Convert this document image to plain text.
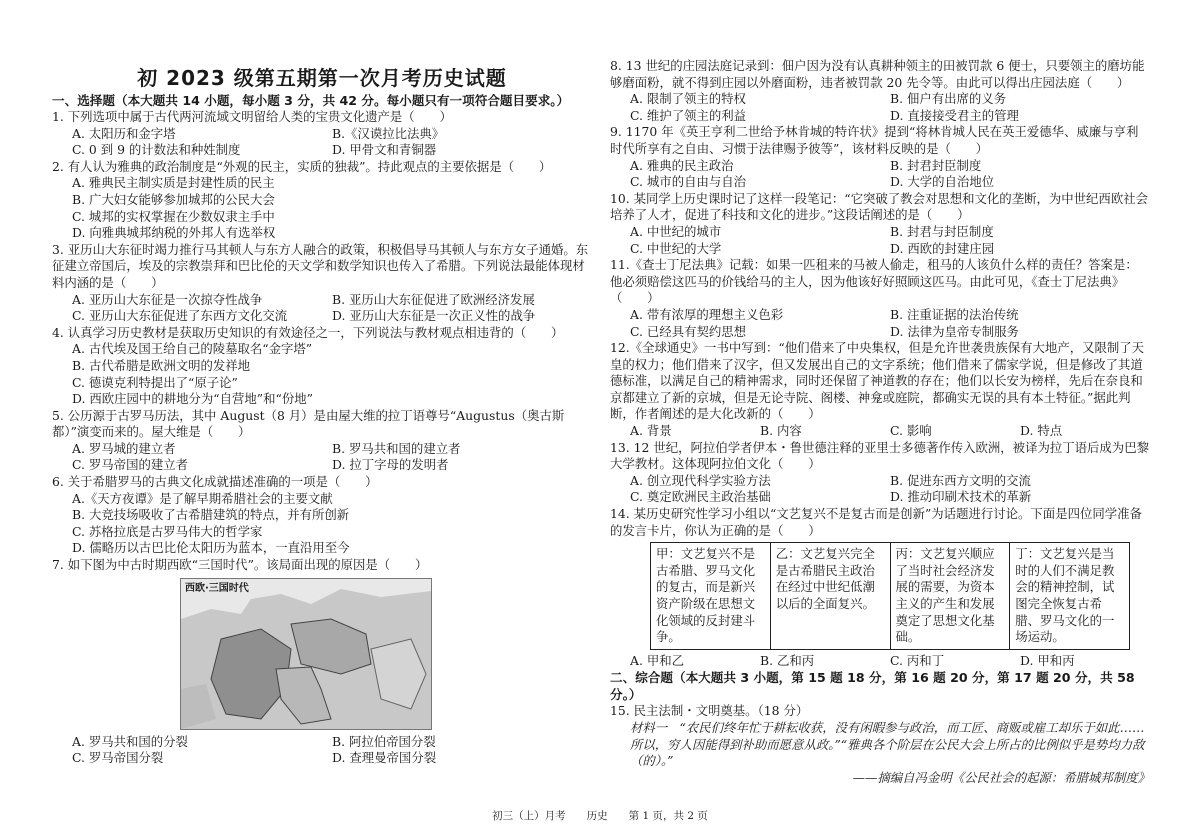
初 2023 级第五期第一次月考历史试题

一、选择题（本大题共 14 小题，每小题 3 分，共 42 分。每小题只有一项符合题目要求。）

1. 下列选项中属于古代两河流域文明留给人类的宝贵文化遗产是（　　）
A. 太阳历和金字塔	B.《汉谟拉比法典》
C. 0 到 9 的计数法和种姓制度	D. 甲骨文和青铜器
2. 有人认为雅典的政治制度是“外观的民主，实质的独裁”。持此观点的主要依据是（　　）
A. 雅典民主制实质是封建性质的民主
B. 广大妇女能够参加城邦的公民大会
C. 城邦的实权掌握在少数奴隶主手中
D. 向雅典城邦纳税的外邦人有选举权
3. 亚历山大东征时竭力推行马其顿人与东方人融合的政策，积极倡导马其顿人与东方女子通婚。东征建立帝国后，埃及的宗教崇拜和巴比伦的天文学和数学知识也传入了希腊。下列说法最能体现材料内涵的是（　　）
A. 亚历山大东征是一次掠夺性战争	B. 亚历山大东征促进了欧洲经济发展
C. 亚历山大东征促进了东西方文化交流	D. 亚历山大东征是一次正义性的战争
4. 认真学习历史教材是获取历史知识的有效途径之一，下列说法与教材观点相违背的（　　）
A. 古代埃及国王给自己的陵墓取名“金字塔”
B. 古代希腊是欧洲文明的发祥地
C. 德谟克利特提出了“原子论”
D. 西欧庄园中的耕地分为“自营地”和“份地”
5. 公历源于古罗马历法，其中 August（8 月）是由屋大维的拉丁语尊号“Augustus（奥古斯都）”演变而来的。屋大维是（　　）
A. 罗马城的建立者	B. 罗马共和国的建立者
C. 罗马帝国的建立者	D. 拉丁字母的发明者
6. 关于希腊罗马的古典文化成就描述准确的一项是（　　）
A.《天方夜谭》是了解早期希腊社会的主要文献
B. 大竞技场吸收了古希腊建筑的特点，并有所创新
C. 苏格拉底是古罗马伟大的哲学家
D. 儒略历以古巴比伦太阳历为蓝本，一直沿用至今
7. 如下图为中古时期西欧“三国时代”。该局面出现的原因是（　　）
西欧·三国时代
A. 罗马共和国的分裂	B. 阿拉伯帝国分裂
C. 罗马帝国分裂	D. 查理曼帝国分裂
8. 13 世纪的庄园法庭记录到：佃户因为没有认真耕种领主的田被罚款 6 便士，只要领主的磨坊能够磨面粉，就不得到庄园以外磨面粉，违者被罚款 20 先令等。由此可以得出庄园法庭（　　）
A. 限制了领主的特权	B. 佃户有出席的义务
C. 维护了领主的利益	D. 直接接受君主的管理
9. 1170 年《英王亨利二世给予林肯城的特许状》提到“将林肯城人民在英王爱德华、威廉与亨利时代所享有之自由、习惯于法律赐予彼等”，该材料反映的是（　　）
A. 雅典的民主政治	B. 封君封臣制度
C. 城市的自由与自治	D. 大学的自治地位
10. 某同学上历史课时记了这样一段笔记：“它突破了教会对思想和文化的垄断，为中世纪西欧社会培养了人才，促进了科技和文化的进步。”这段话阐述的是（　　）
A. 中世纪的城市	B. 封君与封臣制度
C. 中世纪的大学	D. 西欧的封建庄园
11.《查士丁尼法典》记载：如果一匹租来的马被人偷走，租马的人该负什么样的责任？答案是：他必须赔偿这匹马的价钱给马的主人，因为他该好好照顾这匹马。由此可见，《查士丁尼法典》（　　）
A. 带有浓厚的理想主义色彩	B. 注重证据的法治传统
C. 已经具有契约思想	D. 法律为皇帝专制服务
12.《全球通史》一书中写到：“他们借来了中央集权，但是允许世袭贵族保有大地产，又限制了天皇的权力；他们借来了汉字，但又发展出自己的文字系统；他们借来了儒家学说，但是修改了其道德标准，以满足自己的精神需求，同时还保留了神道教的存在；他们以长安为榜样，先后在奈良和京都建立了新的京城，但是无论寺院、阁楼、神龛或庭院，都确实无误的具有本土特征。”据此判断，作者阐述的是大化改新的（　　）
A. 背景	B. 内容	C. 影响	D. 特点
13. 12 世纪，阿拉伯学者伊本・鲁世德注释的亚里士多德著作传入欧洲，被译为拉丁语后成为巴黎大学教材。这体现阿拉伯文化（　　）
A. 创立现代科学实验方法	B. 促进东西方文明的交流
C. 奠定欧洲民主政治基础	D. 推动印刷术技术的革新
14. 某历史研究性学习小组以“文艺复兴不是复古而是创新”为话题进行讨论。下面是四位同学准备的发言卡片，你认为正确的是（　　）
甲：文艺复兴不是古希腊、罗马文化的复古，而是新兴资产阶级在思想文化领域的反封建斗争。	乙：文艺复兴完全是古希腊民主政治在经过中世纪低潮以后的全面复兴。	丙：文艺复兴顺应了当时社会经济发展的需要，为资本主义的产生和发展奠定了思想文化基础。	丁：文艺复兴是当时的人们不满足教会的精神控制，试图完全恢复古希腊、罗马文化的一场运动。
A. 甲和乙	B. 乙和丙	C. 丙和丁	D. 甲和丙

二、综合题（本大题共 3 小题，第 15 题 18 分，第 16 题 20 分，第 17 题 20 分，共 58 分。）

15. 民主法制・文明奠基。（18 分）
材料一　“农民们终年忙于耕耘收获，没有闲暇参与政治，而工匠、商贩或雇工却乐于如此……所以，穷人因能得到补助而愿意从政。”“雅典各个阶层在公民大会上所占的比例似乎是势均力敌（的）。”
——摘编自冯金明《公民社会的起源：希腊城邦制度》
初三（上）月考　　历史　　第 1 页，共 2 页
